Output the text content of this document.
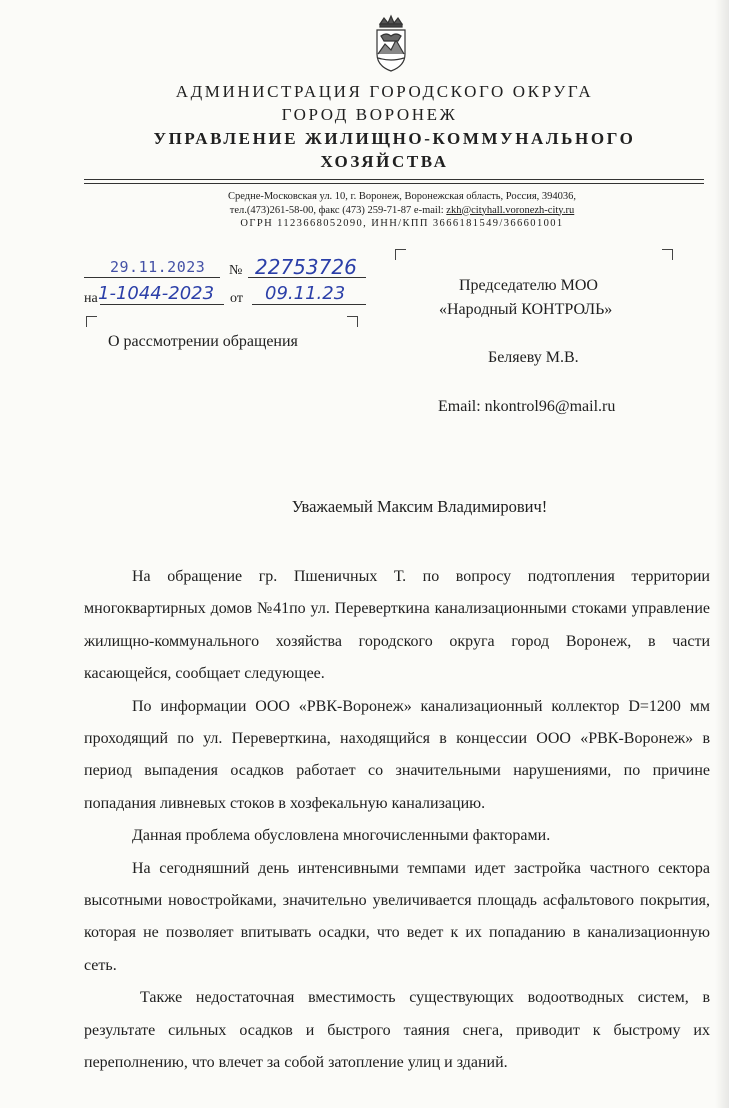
АДМИНИСТРАЦИЯ ГОРОДСКОГО ОКРУГА
ГОРОД ВОРОНЕЖ
УПРАВЛЕНИЕ ЖИЛИЩНО-КОММУНАЛЬНОГО
ХОЗЯЙСТВА
Средне-Московская ул. 10, г. Воронеж, Воронежская область, Россия, 394036,
тел.(473)261-58-00, факс (473) 259-71-87 e-mail: zkh@cityhall.voronezh-city.ru
ОГРН 1123668052090, ИНН/КПП 3666181549/366601001
29.11.2023 № 22753726
на 1-1044-2023 от 09.11.23
О рассмотрении обращения
Председателю МОО
«Народный КОНТРОЛЬ»
Беляеву М.В.
Email: nkontrol96@mail.ru
Уважаемый Максим Владимирович!

На обращение гр. Пшеничных Т. по вопросу подтопления территории многоквартирных домов №41по ул. Переверткина канализационными стоками управление жилищно-коммунального хозяйства городского округа город Воронеж, в части касающейся, сообщает следующее.

По информации ООО «РВК-Воронеж» канализационный коллектор D=1200 мм проходящий по ул. Переверткина, находящийся в концессии ООО «РВК-Воронеж» в период выпадения осадков работает со значительными нарушениями, по причине попадания ливневых стоков в хозфекальную канализацию.

Данная проблема обусловлена многочисленными факторами.

На сегодняшний день интенсивными темпами идет застройка частного сектора высотными новостройками, значительно увеличивается площадь асфальтового покрытия, которая не позволяет впитывать осадки, что ведет к их попаданию в канализационную сеть.

Также недостаточная вместимость существующих водоотводных систем, в результате сильных осадков и быстрого таяния снега, приводит к быстрому их переполнению, что влечет за собой затопление улиц и зданий.
